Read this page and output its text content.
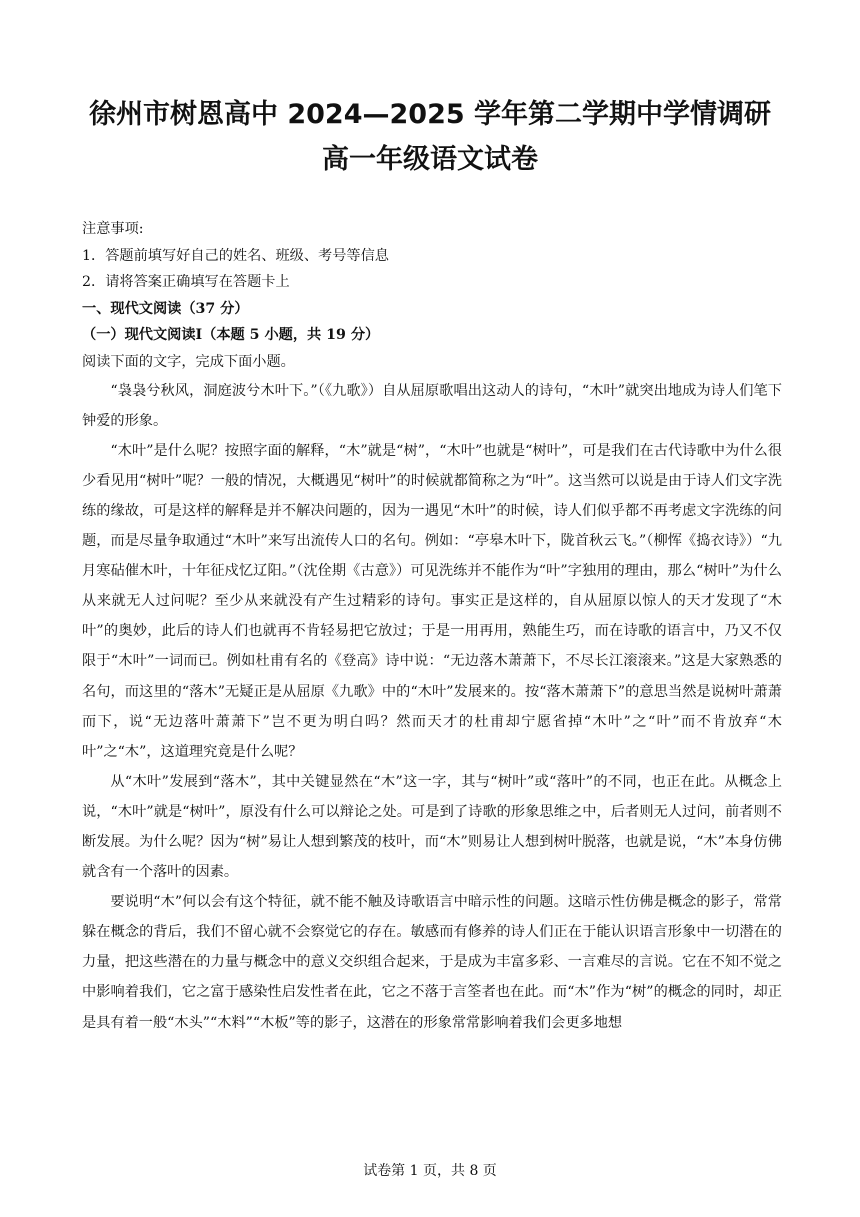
徐州市树恩高中 2024—2025 学年第二学期中学情调研
高一年级语文试卷
注意事项:
1．答题前填写好自己的姓名、班级、考号等信息
2．请将答案正确填写在答题卡上
一、现代文阅读（37 分）
（一）现代文阅读Ⅰ（本题 5 小题，共 19 分）
阅读下面的文字，完成下面小题。
“袅袅兮秋风，洞庭波兮木叶下。”（《九歌》）自从屈原歌唱出这动人的诗句，“木叶”就突出地成为诗人们笔下钟爱的形象。
“木叶”是什么呢？按照字面的解释，“木”就是“树”，“木叶”也就是“树叶”，可是我们在古代诗歌中为什么很少看见用“树叶”呢？一般的情况，大概遇见“树叶”的时候就都简称之为“叶”。这当然可以说是由于诗人们文字洗练的缘故，可是这样的解释是并不解决问题的，因为一遇见“木叶”的时候，诗人们似乎都不再考虑文字洗练的问题，而是尽量争取通过“木叶”来写出流传人口的名句。例如：“亭皋木叶下，陇首秋云飞。”（柳恽《捣衣诗》）“九月寒砧催木叶，十年征戍忆辽阳。”（沈佺期《古意》）可见洗练并不能作为“叶”字独用的理由，那么“树叶”为什么从来就无人过问呢？至少从来就没有产生过精彩的诗句。事实正是这样的，自从屈原以惊人的天才发现了“木叶”的奥妙，此后的诗人们也就再不肯轻易把它放过；于是一用再用，熟能生巧，而在诗歌的语言中，乃又不仅限于“木叶”一词而已。例如杜甫有名的《登高》诗中说：“无边落木萧萧下，不尽长江滚滚来。”这是大家熟悉的名句，而这里的“落木”无疑正是从屈原《九歌》中的“木叶”发展来的。按“落木萧萧下”的意思当然是说树叶萧萧而下，说“无边落叶萧萧下”岂不更为明白吗？然而天才的杜甫却宁愿省掉“木叶”之“叶”而不肯放弃“木叶”之“木”，这道理究竟是什么呢？
从“木叶”发展到“落木”，其中关键显然在“木”这一字，其与“树叶”或“落叶”的不同，也正在此。从概念上说，“木叶”就是“树叶”，原没有什么可以辩论之处。可是到了诗歌的形象思维之中，后者则无人过问，前者则不断发展。为什么呢？因为“树”易让人想到繁茂的枝叶，而“木”则易让人想到树叶脱落，也就是说，“木”本身仿佛就含有一个落叶的因素。
要说明“木”何以会有这个特征，就不能不触及诗歌语言中暗示性的问题。这暗示性仿佛是概念的影子，常常躲在概念的背后，我们不留心就不会察觉它的存在。敏感而有修养的诗人们正在于能认识语言形象中一切潜在的力量，把这些潜在的力量与概念中的意义交织组合起来，于是成为丰富多彩、一言难尽的言说。它在不知不觉之中影响着我们，它之富于感染性启发性者在此，它之不落于言筌者也在此。而“木”作为“树”的概念的同时，却正是具有着一般“木头”“木料”“木板”等的影子，这潜在的形象常常影响着我们会更多地想
试卷第 1 页，共 8 页
